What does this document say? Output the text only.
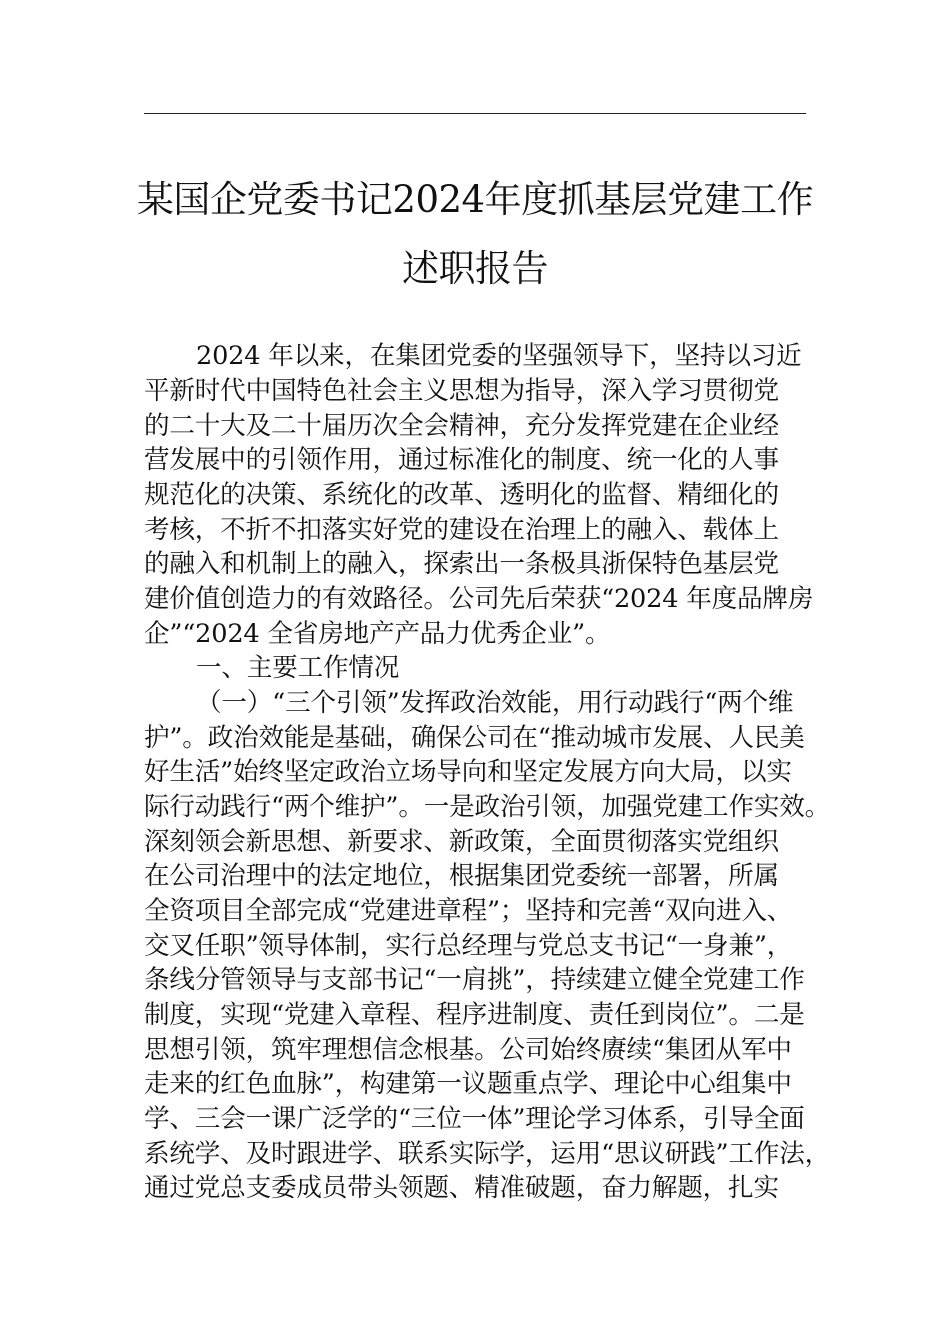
某国企党委书记2024年度抓基层党建工作
述职报告
2024 年以来，在集团党委的坚强领导下，坚持以习近
平新时代中国特色社会主义思想为指导，深入学习贯彻党
的二十大及二十届历次全会精神，充分发挥党建在企业经
营发展中的引领作用，通过标准化的制度、统一化的人事
规范化的决策、系统化的改革、透明化的监督、精细化的
考核，不折不扣落实好党的建设在治理上的融入、载体上
的融入和机制上的融入，探索出一条极具浙保特色基层党
建价值创造力的有效路径。公司先后荣获“2024 年度品牌房
企”“2024 全省房地产产品力优秀企业”。
一、主要工作情况
（一）“三个引领”发挥政治效能，用行动践行“两个维
护”。政治效能是基础，确保公司在“推动城市发展、人民美
好生活”始终坚定政治立场导向和坚定发展方向大局，以实
际行动践行“两个维护”。一是政治引领，加强党建工作实效。
深刻领会新思想、新要求、新政策，全面贯彻落实党组织
在公司治理中的法定地位，根据集团党委统一部署，所属
全资项目全部完成“党建进章程”；坚持和完善“双向进入、
交叉任职”领导体制，实行总经理与党总支书记“一身兼”，
条线分管领导与支部书记“一肩挑”，持续建立健全党建工作
制度，实现“党建入章程、程序进制度、责任到岗位”。二是
思想引领，筑牢理想信念根基。公司始终赓续“集团从军中
走来的红色血脉”，构建第一议题重点学、理论中心组集中
学、三会一课广泛学的“三位一体”理论学习体系，引导全面
系统学、及时跟进学、联系实际学，运用“思议研践”工作法，
通过党总支委成员带头领题、精准破题，奋力解题，扎实
